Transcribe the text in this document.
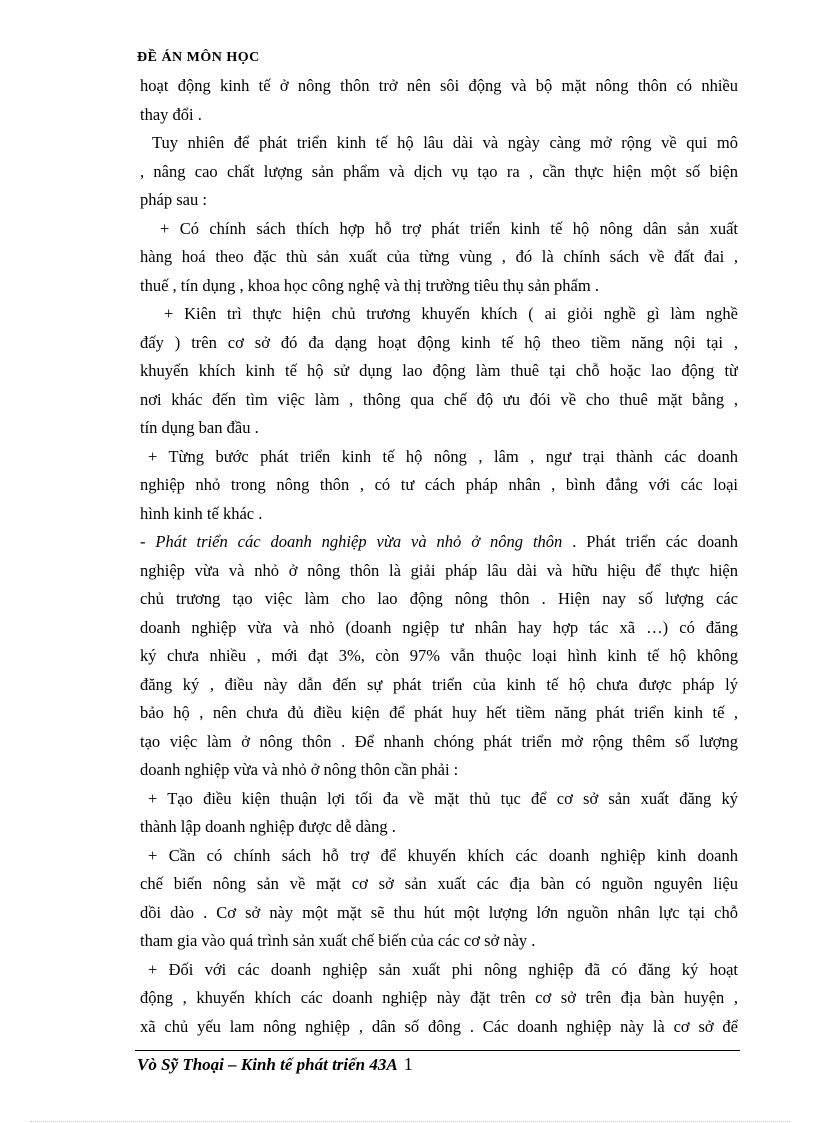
ĐỀ ÁN MÔN HỌC
hoạt động kinh tế ở nông thôn trở nên sôi động và bộ mặt nông thôn có nhiều
thay đổi .
Tuy nhiên để phát triển kinh tế hộ lâu dài và ngày càng mở rộng về qui mô
, nâng cao chất lượng sản phẩm và dịch vụ tạo ra , cần thực hiện một số biện
pháp sau :
+ Có chính sách thích hợp hỗ trợ phát triển kinh tế hộ nông dân sản xuất
hàng hoá theo đặc thù sản xuất của từng vùng , đó là chính sách về đất đai ,
thuế , tín dụng , khoa học công nghệ và thị trường tiêu thụ sản phẩm .
+ Kiên trì thực hiện chủ trương khuyến khích ( ai giỏi nghề gì làm nghề
đấy ) trên cơ sở đó đa dạng hoạt động kinh tế hộ theo tiềm năng nội tại ,
khuyến khích kinh tế hộ sử dụng lao động làm thuê tại chỗ hoặc lao động từ
nơi khác đến tìm việc làm , thông qua chế độ ưu đói về cho thuê mặt bằng ,
tín dụng ban đầu .
+ Từng bước phát triển kinh tế hộ nông , lâm , ngư trại thành các doanh
nghiệp nhỏ trong nông thôn , có tư cách pháp nhân , bình đẳng với các loại
hình kinh tế khác .
- Phát triển các doanh nghiệp vừa và nhỏ ở nông thôn . Phát triển các doanh
nghiệp vừa và nhỏ ở nông thôn là giải pháp lâu dài và hữu hiệu để thực hiện
chủ trương tạo việc làm cho lao động nông thôn . Hiện nay số lượng các
doanh nghiệp vừa và nhỏ (doanh ngiệp tư nhân hay hợp tác xã …) có đăng
ký chưa nhiều , mới đạt 3%, còn 97% vẫn thuộc loại hình kinh tế hộ không
đăng ký , điều này dẫn đến sự phát triển của kinh tế hộ chưa được pháp lý
bảo hộ , nên chưa đủ điều kiện để phát huy hết tiềm năng phát triển kinh tế ,
tạo việc làm ở nông thôn . Để nhanh chóng phát triển mở rộng thêm số lượng
doanh nghiệp vừa và nhỏ ở nông thôn cần phải :
+ Tạo điều kiện thuận lợi tối đa về mặt thủ tục để cơ sở sản xuất đăng ký
thành lập doanh nghiệp được dễ dàng .
+ Cần có chính sách hỗ trợ để khuyến khích các doanh nghiệp kinh doanh
chế biến nông sản về mặt cơ sở sản xuất các địa bàn có nguồn nguyên liệu
dồi dào . Cơ sở này một mặt sẽ thu hút một lượng lớn nguồn nhân lực tại chỗ
tham gia vào quá trình sản xuất chế biến của các cơ sở này .
+ Đối với các doanh nghiệp sản xuất phi nông nghiệp đã có đăng ký hoạt
động , khuyến khích các doanh nghiệp này đặt trên cơ sở trên địa bàn huyện ,
xã chủ yếu lam nông nghiệp , dân số đông . Các doanh nghiệp này là cơ sở để
Vò Sỹ Thoại – Kinh tế phát triển 43A 1
